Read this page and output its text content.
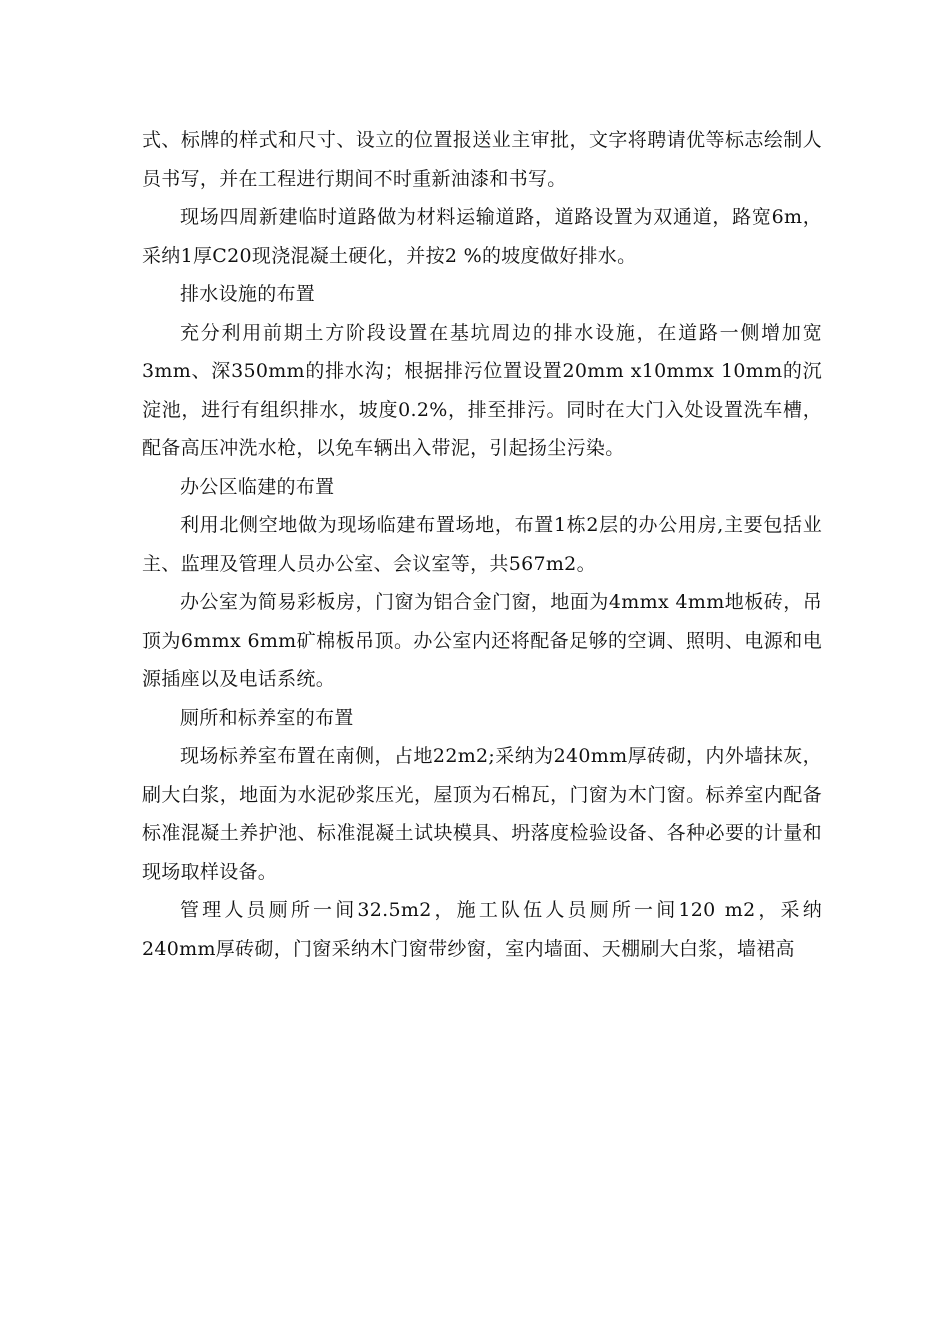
式、标牌的样式和尺寸、设立的位置报送业主审批，文字将聘请优等标志绘制人员书写，并在工程进行期间不时重新油漆和书写。

现场四周新建临时道路做为材料运输道路，道路设置为双通道，路宽6m，采纳1厚C20现浇混凝土硬化，并按2 %的坡度做好排水。

排水设施的布置

充分利用前期土方阶段设置在基坑周边的排水设施，在道路一侧增加宽3mm、深350mm的排水沟；根据排污位置设置20mm x10mmx 10mm的沉淀池，进行有组织排水，坡度0.2%，排至排污。同时在大门入处设置洗车槽，配备高压冲洗水枪，以免车辆出入带泥，引起扬尘污染。

办公区临建的布置

利用北侧空地做为现场临建布置场地，布置1栋2层的办公用房,主要包括业主、监理及管理人员办公室、会议室等，共567m2。

办公室为简易彩板房，门窗为铝合金门窗，地面为4mmx 4mm地板砖，吊顶为6mmx 6mm矿棉板吊顶。办公室内还将配备足够的空调、照明、电源和电源插座以及电话系统。

厕所和标养室的布置

现场标养室布置在南侧，占地22m2;采纳为240mm厚砖砌，内外墙抹灰，刷大白浆，地面为水泥砂浆压光，屋顶为石棉瓦，门窗为木门窗。标养室内配备标准混凝土养护池、标准混凝土试块模具、坍落度检验设备、各种必要的计量和现场取样设备。

管理人员厕所一间32.5m2，施工队伍人员厕所一间120 m2，采纳240mm厚砖砌，门窗采纳木门窗带纱窗，室内墙面、天棚刷大白浆，墙裙高
